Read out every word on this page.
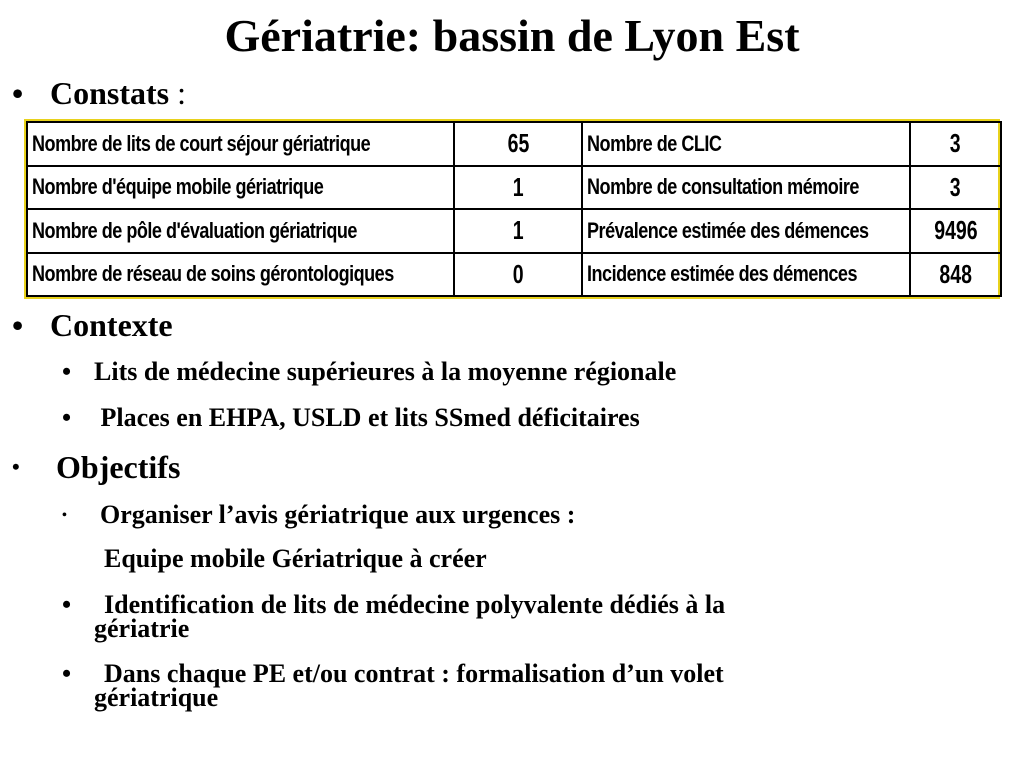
Gériatrie: bassin de Lyon Est
• Constats :
Nombre de lits de court séjour gériatrique	65	Nombre de CLIC	3
Nombre d'équipe mobile gériatrique	1	Nombre de consultation mémoire	3
Nombre de pôle d'évaluation gériatrique	1	Prévalence estimée des démences	9496
Nombre de réseau de soins gérontologiques	0	Incidence estimée des démences	848
• Contexte
• Lits de médecine supérieures à la moyenne régionale
• Places en EHPA, USLD et lits SSmed déficitaires
• Objectifs
• Organiser l’avis gériatrique aux urgences :
Equipe mobile Gériatrique à créer
• Identification de lits de médecine polyvalente dédiés à la
gériatrie
• Dans chaque PE et/ou contrat : formalisation d’un volet
gériatrique
